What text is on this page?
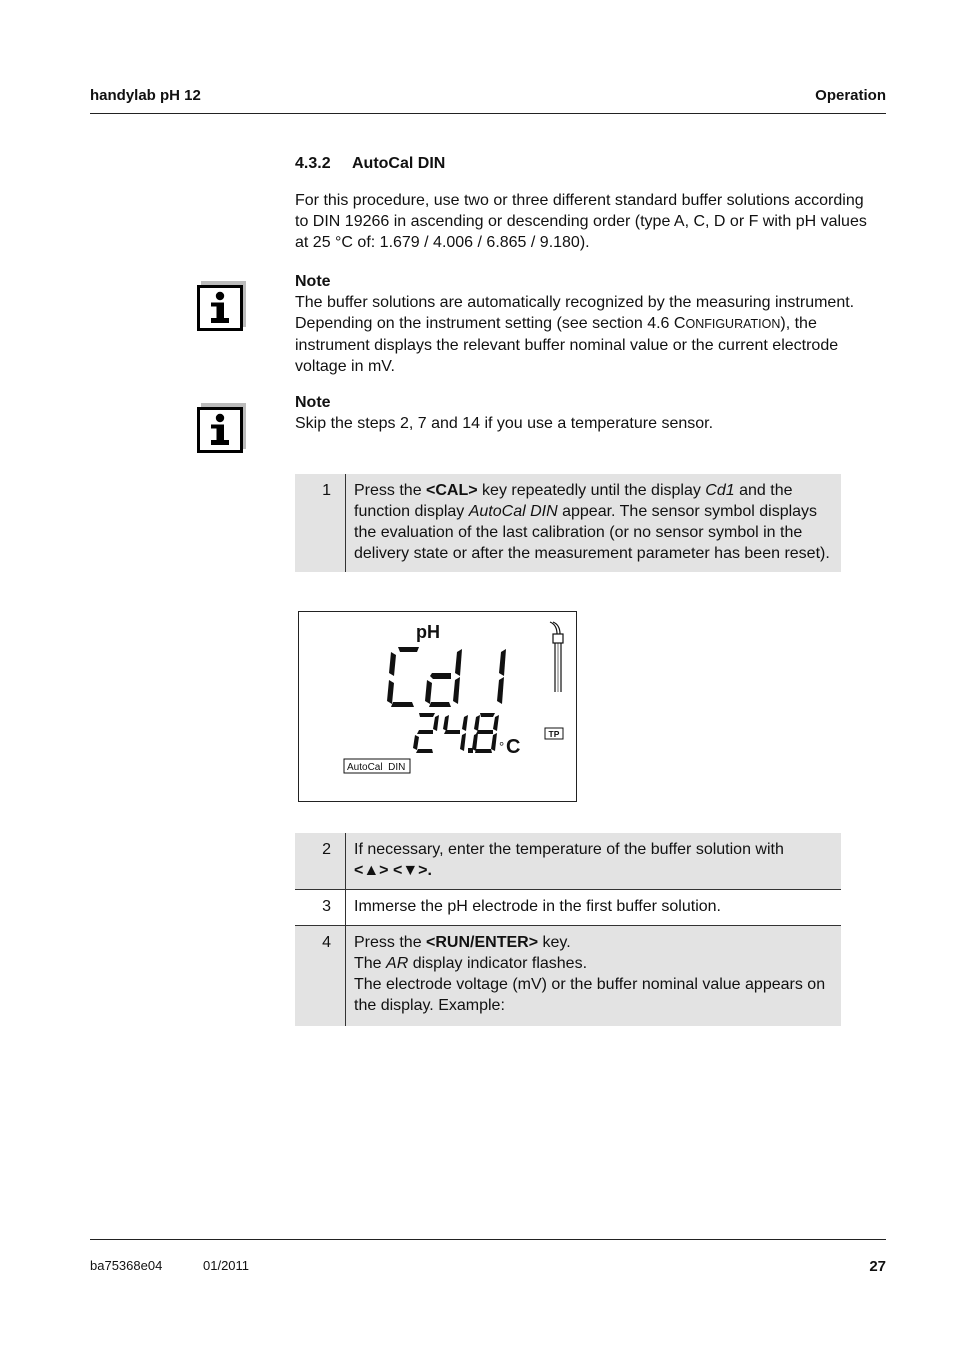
handylab pH 12	Operation
4.3.2 AutoCal DIN
For this procedure, use two or three different standard buffer solutions according to DIN 19266 in ascending or descending order (type A, C, D or F with pH values at 25 °C of: 1.679 / 4.006 / 6.865 / 9.180).
Note
The buffer solutions are automatically recognized by the measuring instrument. Depending on the instrument setting (see section 4.6 CONFIGURATION), the instrument displays the relevant buffer nominal value or the current electrode voltage in mV.
Note
Skip the steps 2, 7 and 14 if you use a temperature sensor.
1	Press the <CAL> key repeatedly until the display Cd1 and the function display AutoCal DIN appear. The sensor symbol displays the evaluation of the last calibration (or no sensor symbol in the delivery state or after the measurement parameter has been reset).
pH
° C
TP
AutoCal  DIN
2	If necessary, enter the temperature of the buffer solution with
<▲> <▼>.
3	Immerse the pH electrode in the first buffer solution.
4	Press the <RUN/ENTER> key.
The AR display indicator flashes.
The electrode voltage (mV) or the buffer nominal value appears on the display. Example:
ba75368e04	01/2011	27
